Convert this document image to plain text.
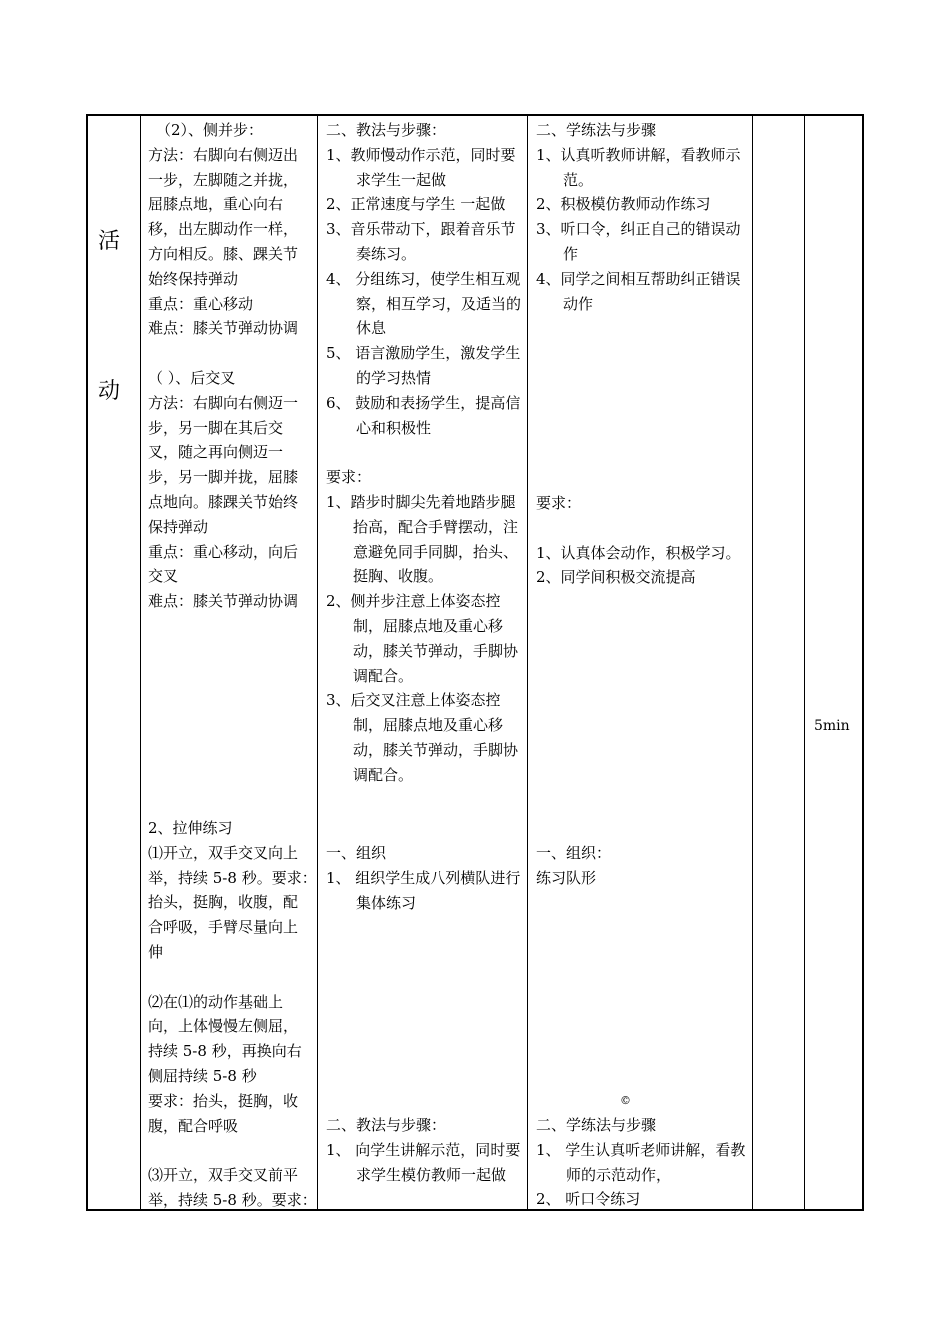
活
动
（2）、侧并步：
方法：右脚向右侧迈出
一步，左脚随之并拢，
屈膝点地，重心向右
移，出左脚动作一样，
方向相反。膝、踝关节
始终保持弹动
重点：重心移动
难点：膝关节弹动协调
（ ）、后交叉
方法：右脚向右侧迈一
步，另一脚在其后交
叉，随之再向侧迈一
步，另一脚并拢，屈膝
点地向。膝踝关节始终
保持弹动
重点：重心移动，向后
交叉
难点：膝关节弹动协调
2、拉伸练习
⑴开立，双手交叉向上
举，持续 5-8 秒。要求：
抬头，挺胸，收腹，配
合呼吸，手臂尽量向上
伸
⑵在⑴的动作基础上
向，上体慢慢左侧屈，
持续 5-8 秒，再换向右
侧屈持续 5-8 秒
要求：抬头，挺胸，收
腹，配合呼吸
⑶开立，双手交叉前平
举，持续 5-8 秒。要求：
二、教法与步骤：
1、教师慢动作示范，同时要求学生一起做
2、正常速度与学生 一起做
3、音乐带动下，跟着音乐节奏练习。
4、 分组练习，使学生相互观察，相互学习，及适当的休息
5、 语言激励学生，激发学生的学习热情
6、 鼓励和表扬学生，提高信心和积极性
要求：
1、踏步时脚尖先着地踏步腿抬高，配合手臂摆动，注意避免同手同脚，抬头、挺胸、收腹。
2、侧并步注意上体姿态控制，屈膝点地及重心移动，膝关节弹动，手脚协调配合。
3、后交叉注意上体姿态控制，屈膝点地及重心移动，膝关节弹动，手脚协调配合。
一、组织
1、 组织学生成八列横队进行集体练习
二、教法与步骤：
1、 向学生讲解示范，同时要求学生模仿教师一起做
二、学练法与步骤
1、认真听教师讲解，看教师示范。
2、积极模仿教师动作练习
3、听口令，纠正自己的错误动作
4、同学之间相互帮助纠正错误动作
要求：
1、认真体会动作，积极学习。
2、同学间积极交流提高
一、组织：
练习队形
©
二、学练法与步骤
1、 学生认真听老师讲解，看教师的示范动作，
2、 听口令练习
5min
